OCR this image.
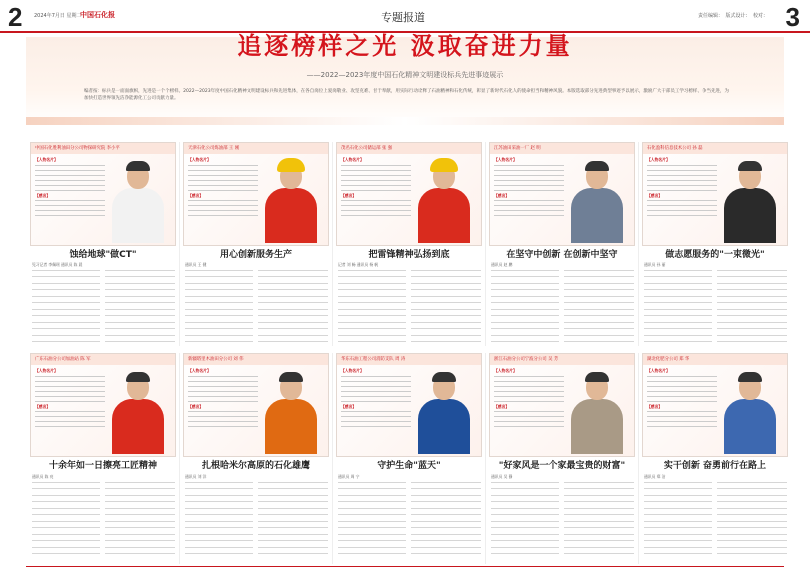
2 2024年7月日 星期二
中国石化报	专题报道	责任编辑：　版式设计：　校对： 3
追逐榜样之光 汲取奋进力量
——2022—2023年度中国石化精神文明建设标兵先进事迹展示
编者按：标兵是一面面旗帜，先进是一个个榜样。2022—2023年度中国石化精神文明建设标兵和先进集体，在各自岗位上爱岗敬业、攻坚克难、甘于奉献，用实际行动诠释了石油精神和石化传统，彰显了新时代石化人的使命担当和精神风貌。本版选取部分先进典型事迹予以展示，激励广大干部员工学习榜样、争当先进，为加快打造世界领先洁净能源化工公司贡献力量。
中国石化胜利油田分公司物探研究院 李小平
【人物名片】
【感言】
蚀给地球"做CT"
见习记者 李佩瑶 通讯员 陈 晨
天津石化公司炼油部 王 刚
【人物名片】
【感言】
用心创新服务生产
通讯员 王 健
茂名石化公司储运部 张 强
【人物名片】
【感言】
把雷锋精神弘扬到底
记者 刘 畅 通讯员 杨 帆
江苏油田采油一厂 赵 明
【人物名片】
【感言】
在坚守中创新 在创新中坚守
通讯员 赵 鹏
石化盈科信息技术公司 孙 磊
【人物名片】
【感言】
做志愿服务的"一束微光"
通讯员 孙 丽
广东石油分公司加油站 陈 军
【人物名片】
【感言】
十余年如一日擦亮工匠精神
通讯员 陈 亮
新疆塔里木油田分公司 刘 伟
【人物名片】
【感言】
扎根哈米尔高原的石化雄鹰
通讯员 刘 洋
华东石油工程公司消防支队 周 涛
【人物名片】
【感言】
守护生命"蓝天"
通讯员 周 宁
浙江石油分公司宁波分公司 吴 芳
【人物名片】
【感言】
"好家风是一个家最宝贵的财富"
通讯员 吴 静
湖北化肥分公司 郑 华
【人物名片】
【感言】
实干创新 奋勇前行在路上
通讯员 郑 洁
